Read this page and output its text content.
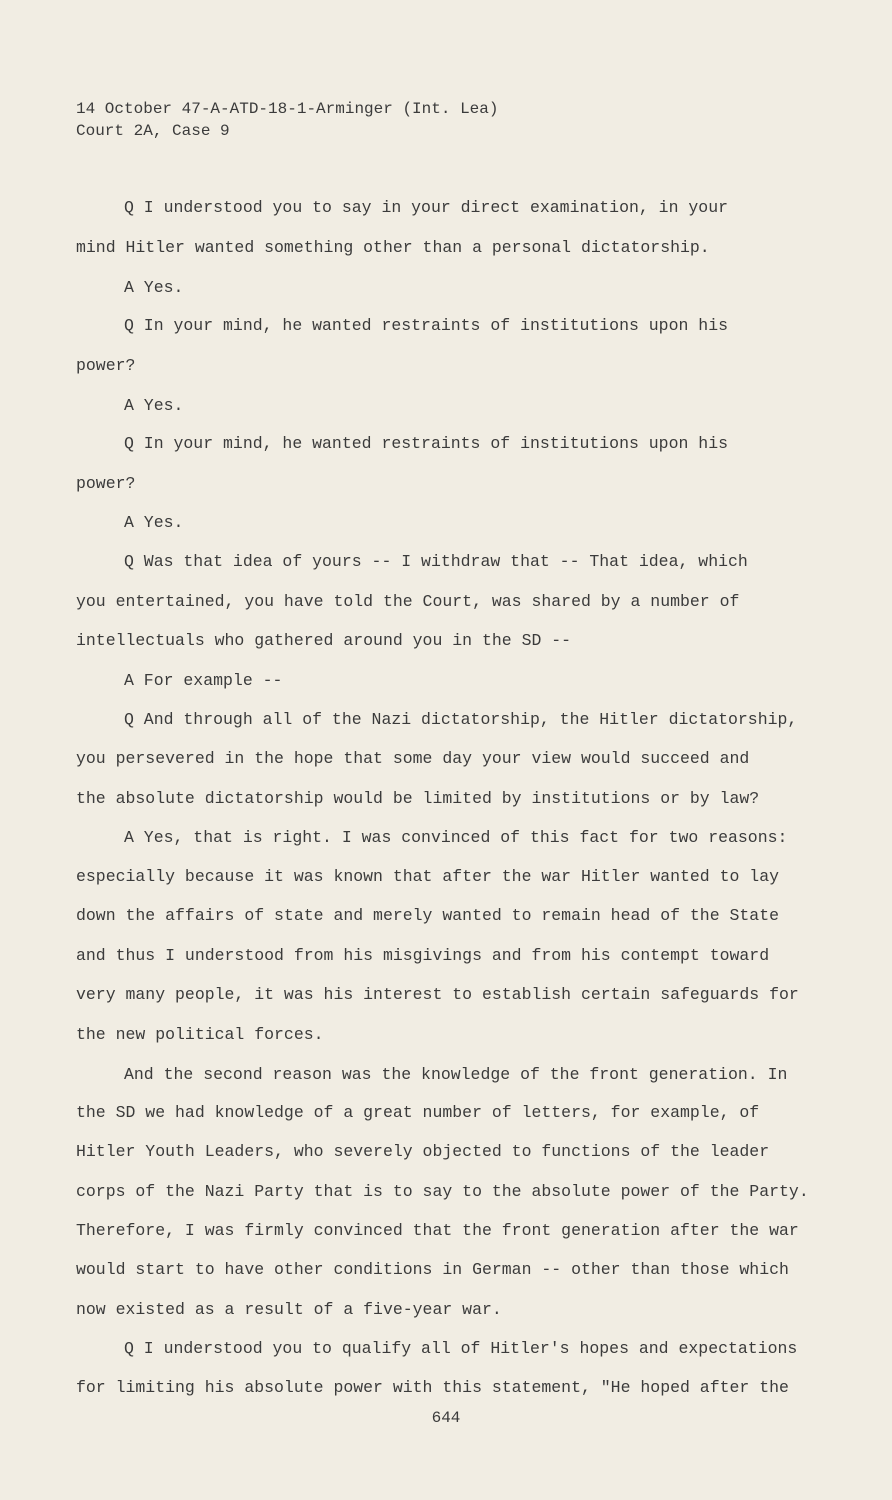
14 October 47-A-ATD-18-1-Arminger (Int. Lea)
Court 2A, Case 9
Q I understood you to say in your direct examination, in your
mind Hitler wanted something other than a personal dictatorship.
A Yes.
Q In your mind, he wanted restraints of institutions upon his
power?
A Yes.
Q In your mind, he wanted restraints of institutions upon his
power?
A Yes.
Q Was that idea of yours -- I withdraw that -- That idea, which
you entertained, you have told the Court, was shared by a number of
intellectuals who gathered around you in the SD --
A For example --
Q And through all of the Nazi dictatorship, the Hitler dictatorship,
you persevered in the hope that some day your view would succeed and
the absolute dictatorship would be limited by institutions or by law?
A Yes, that is right. I was convinced of this fact for two reasons:
especially because it was known that after the war Hitler wanted to lay
down the affairs of state and merely wanted to remain head of the State
and thus I understood from his misgivings and from his contempt toward
very many people, it was his interest to establish certain safeguards for
the new political forces.
And the second reason was the knowledge of the front generation. In
the SD we had knowledge of a great number of letters, for example, of
Hitler Youth Leaders, who severely objected to functions of the leader
corps of the Nazi Party that is to say to the absolute power of the Party.
Therefore, I was firmly convinced that the front generation after the war
would start to have other conditions in German -- other than those which
now existed as a result of a five-year war.
Q I understood you to qualify all of Hitler's hopes and expectations
for limiting his absolute power with this statement, "He hoped after the
644
